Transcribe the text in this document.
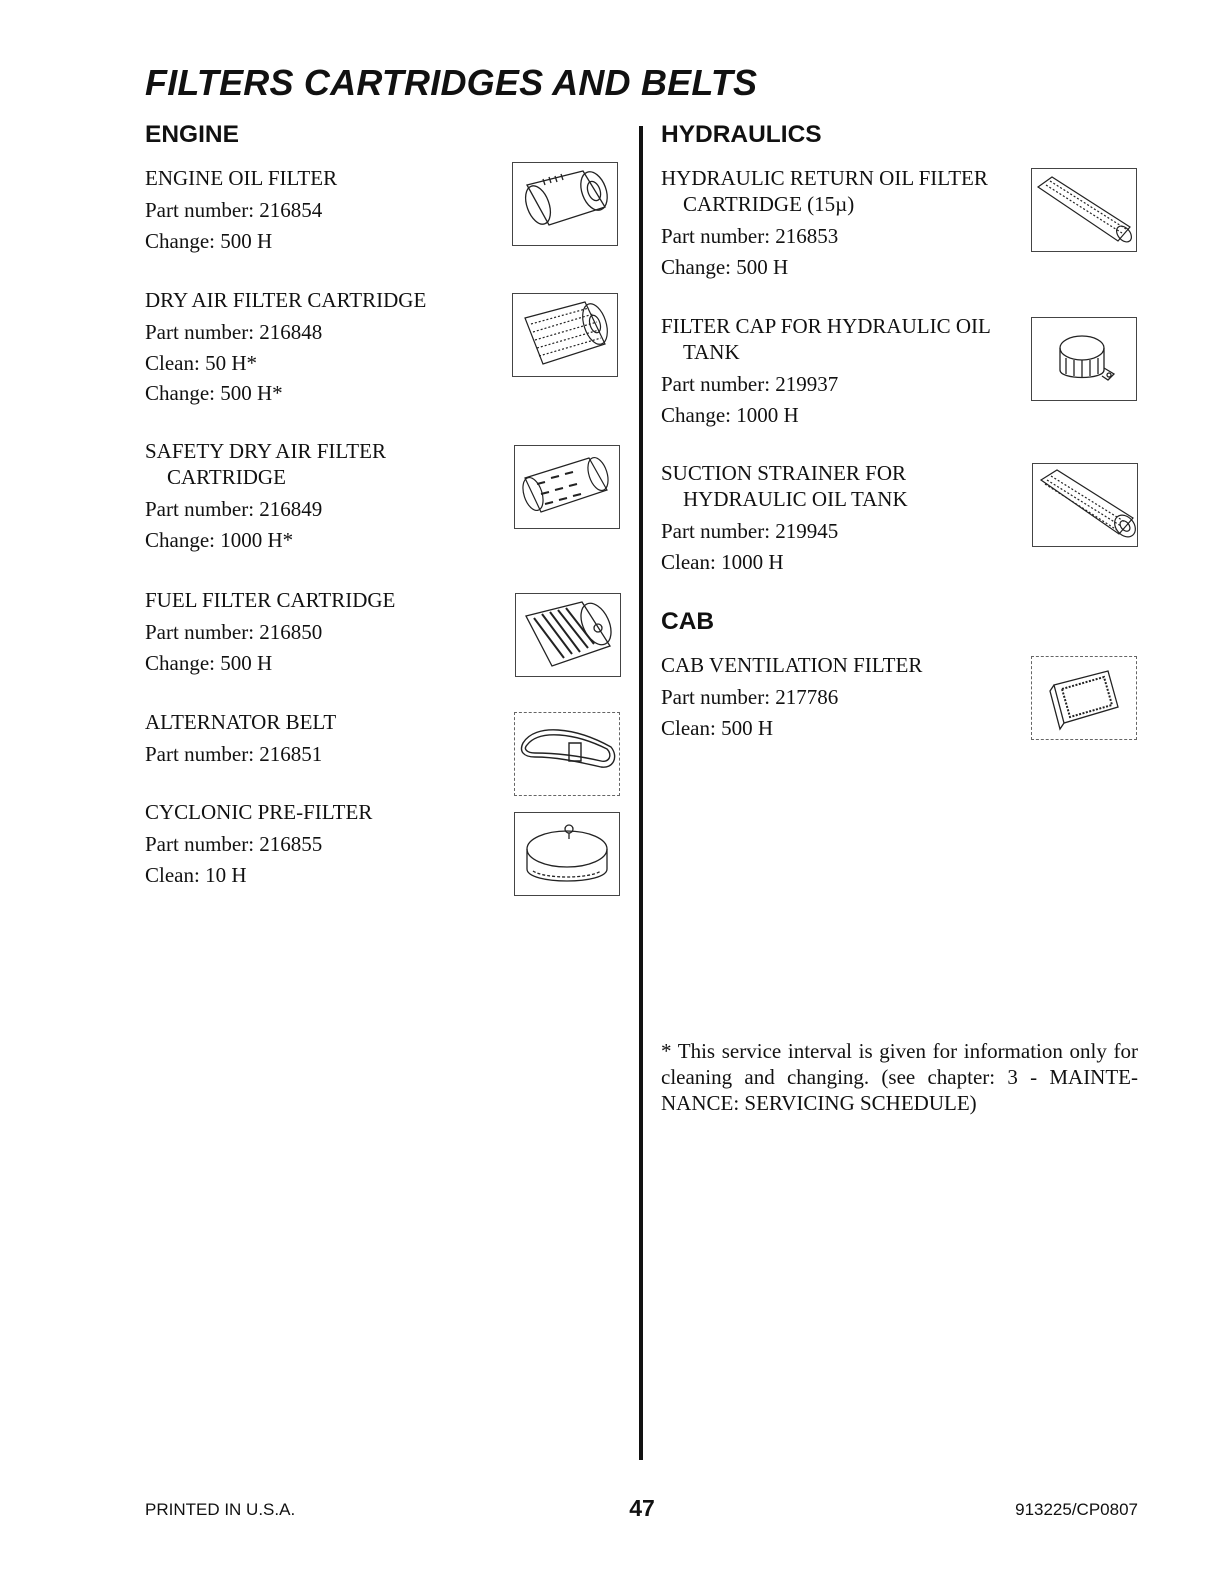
FILTERS CARTRIDGES AND BELTS
ENGINE	HYDRAULICS
CAB
ENGINE OIL FILTER
Part number: 216854
Change: 500 H
DRY AIR FILTER CARTRIDGE
Part number: 216848
Clean: 50 H*
Change: 500 H*
SAFETY DRY AIR FILTER
CARTRIDGE
Part number: 216849
Change: 1000 H*
FUEL FILTER CARTRIDGE
Part number: 216850
Change: 500 H
ALTERNATOR BELT
Part number: 216851
CYCLONIC PRE-FILTER
Part number: 216855
Clean: 10 H
HYDRAULIC RETURN OIL FILTER
CARTRIDGE (15µ)
Part number: 216853
Change: 500 H
FILTER CAP FOR HYDRAULIC OIL
TANK
Part number: 219937
Change: 1000 H
SUCTION STRAINER FOR
HYDRAULIC OIL TANK
Part number: 219945
Clean: 1000 H
CAB VENTILATION FILTER
Part number: 217786
Clean: 500 H

* This service interval is given for information only for cleaning and changing. (see chapter: 3 - MAINTE-NANCE: SERVICING SCHEDULE)

PRINTED IN U.S.A.	47	913225/CP0807
